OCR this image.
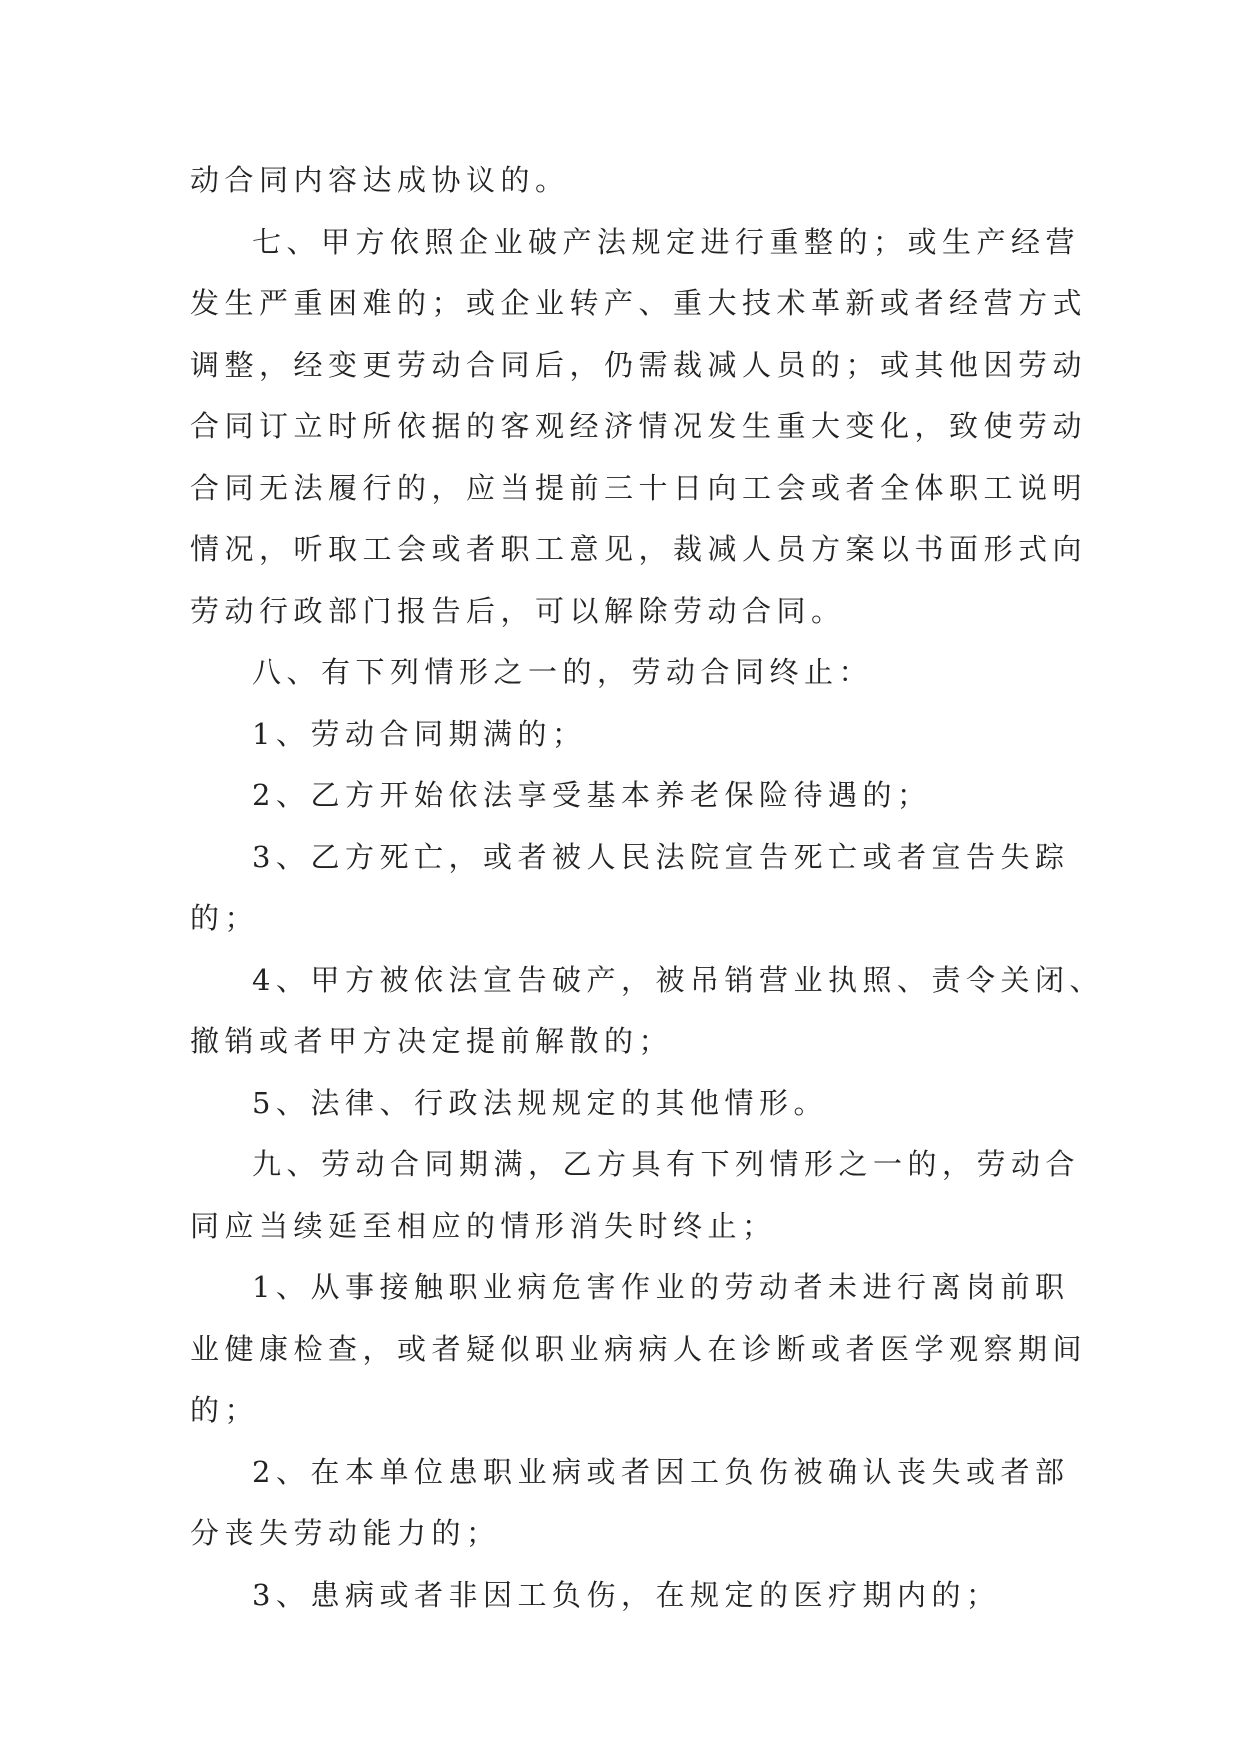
动合同内容达成协议的。
七、甲方依照企业破产法规定进行重整的；或生产经营
发生严重困难的；或企业转产、重大技术革新或者经营方式
调整，经变更劳动合同后，仍需裁减人员的；或其他因劳动
合同订立时所依据的客观经济情况发生重大变化，致使劳动
合同无法履行的，应当提前三十日向工会或者全体职工说明
情况，听取工会或者职工意见，裁减人员方案以书面形式向
劳动行政部门报告后，可以解除劳动合同。
八、有下列情形之一的，劳动合同终止：
1、劳动合同期满的；
2、乙方开始依法享受基本养老保险待遇的；
3、乙方死亡，或者被人民法院宣告死亡或者宣告失踪
的；
4、甲方被依法宣告破产，被吊销营业执照、责令关闭、
撤销或者甲方决定提前解散的；
5、法律、行政法规规定的其他情形。
九、劳动合同期满，乙方具有下列情形之一的，劳动合
同应当续延至相应的情形消失时终止；
1、从事接触职业病危害作业的劳动者未进行离岗前职
业健康检查，或者疑似职业病病人在诊断或者医学观察期间
的；
2、在本单位患职业病或者因工负伤被确认丧失或者部
分丧失劳动能力的；
3、患病或者非因工负伤，在规定的医疗期内的；
